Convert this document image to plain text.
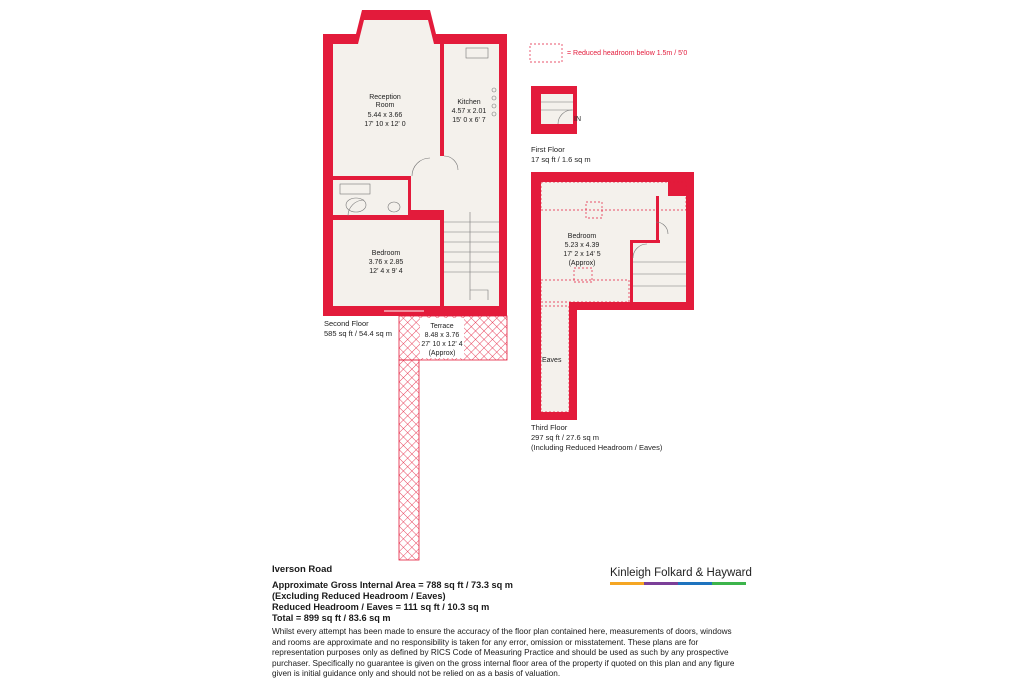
Reception
Room
5.44 x 3.66
17' 10 x 12' 0
Kitchen
4.57 x 2.01
15' 0 x 6' 7
Bedroom
3.76 x 2.85
12' 4 x 9' 4
Terrace
8.48 x 3.76
27' 10 x 12' 4
(Approx)
Second Floor
585 sq ft / 54.4 sq m
= Reduced headroom below 1.5m / 5'0
IN
First Floor
17 sq ft / 1.6 sq m
Bedroom
5.23 x 4.39
17' 2 x 14' 5
(Approx)
Eaves
Third Floor
297 sq ft / 27.6 sq m
(Including Reduced Headroom / Eaves)

Iverson Road

Approximate Gross Internal Area = 788 sq ft / 73.3 sq m

(Excluding Reduced Headroom / Eaves)

Reduced Headroom / Eaves = 111 sq ft / 10.3 sq m

Total = 899 sq ft / 83.6 sq m

Whilst every attempt has been made to ensure the accuracy of the floor plan contained here, measurements of doors, windows and rooms are approximate and no responsibility is taken for any error, omission or misstatement. These plans are for representation purposes only as defined by RICS Code of Measuring Practice and should be used as such by any prospective purchaser. Specifically no guarantee is given on the gross internal floor area of the property if quoted on this plan and any figure given is initial guidance only and should not be relied on as a basis of valuation.
Kinleigh Folkard & Hayward
